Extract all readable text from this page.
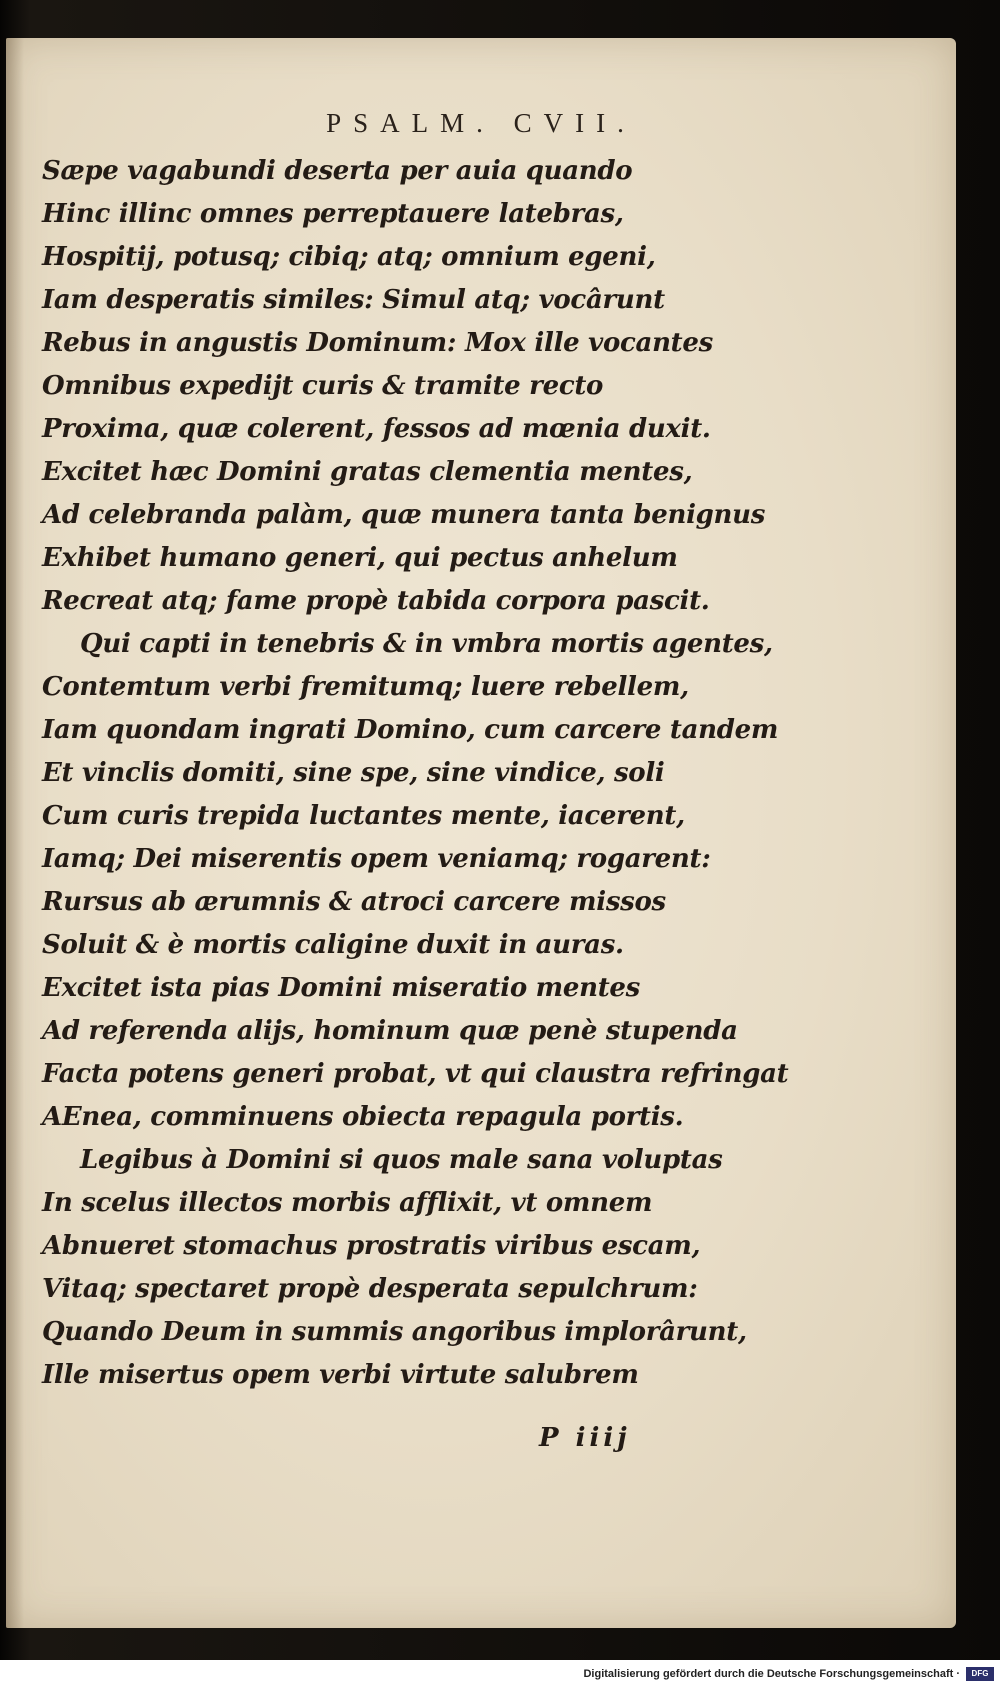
PSALM. CVII.
Sæpe vagabundi deserta per auia quando
Hinc illinc omnes perreptauere latebras,
Hospitij, potusq; cibiq; atq; omnium egeni,
Iam desperatis similes: Simul atq; vocârunt
Rebus in angustis Dominum: Mox ille vocantes
Omnibus expedijt curis & tramite recto
Proxima, quæ colerent, fessos ad mœnia duxit.
Excitet hæc Domini gratas clementia mentes,
Ad celebranda palàm, quæ munera tanta benignus
Exhibet humano generi, qui pectus anhelum
Recreat atq; fame propè tabida corpora pascit.
Qui capti in tenebris & in vmbra mortis agentes,
Contemtum verbi fremitumq; luere rebellem,
Iam quondam ingrati Domino, cum carcere tandem
Et vinclis domiti, sine spe, sine vindice, soli
Cum curis trepida luctantes mente, iacerent,
Iamq; Dei miserentis opem veniamq; rogarent:
Rursus ab ærumnis & atroci carcere missos
Soluit & è mortis caligine duxit in auras.
Excitet ista pias Domini miseratio mentes
Ad referenda alijs, hominum quæ penè stupenda
Facta potens generi probat, vt qui claustra refringat
AEnea, comminuens obiecta repagula portis.
Legibus à Domini si quos male sana voluptas
In scelus illectos morbis afflixit, vt omnem
Abnueret stomachus prostratis viribus escam,
Vitaq; spectaret propè desperata sepulchrum:
Quando Deum in summis angoribus implorârunt,
Ille misertus opem verbi virtute salubrem
P iiij
Digitalisierung gefördert durch die Deutsche Forschungsgemeinschaft ·	DFG
